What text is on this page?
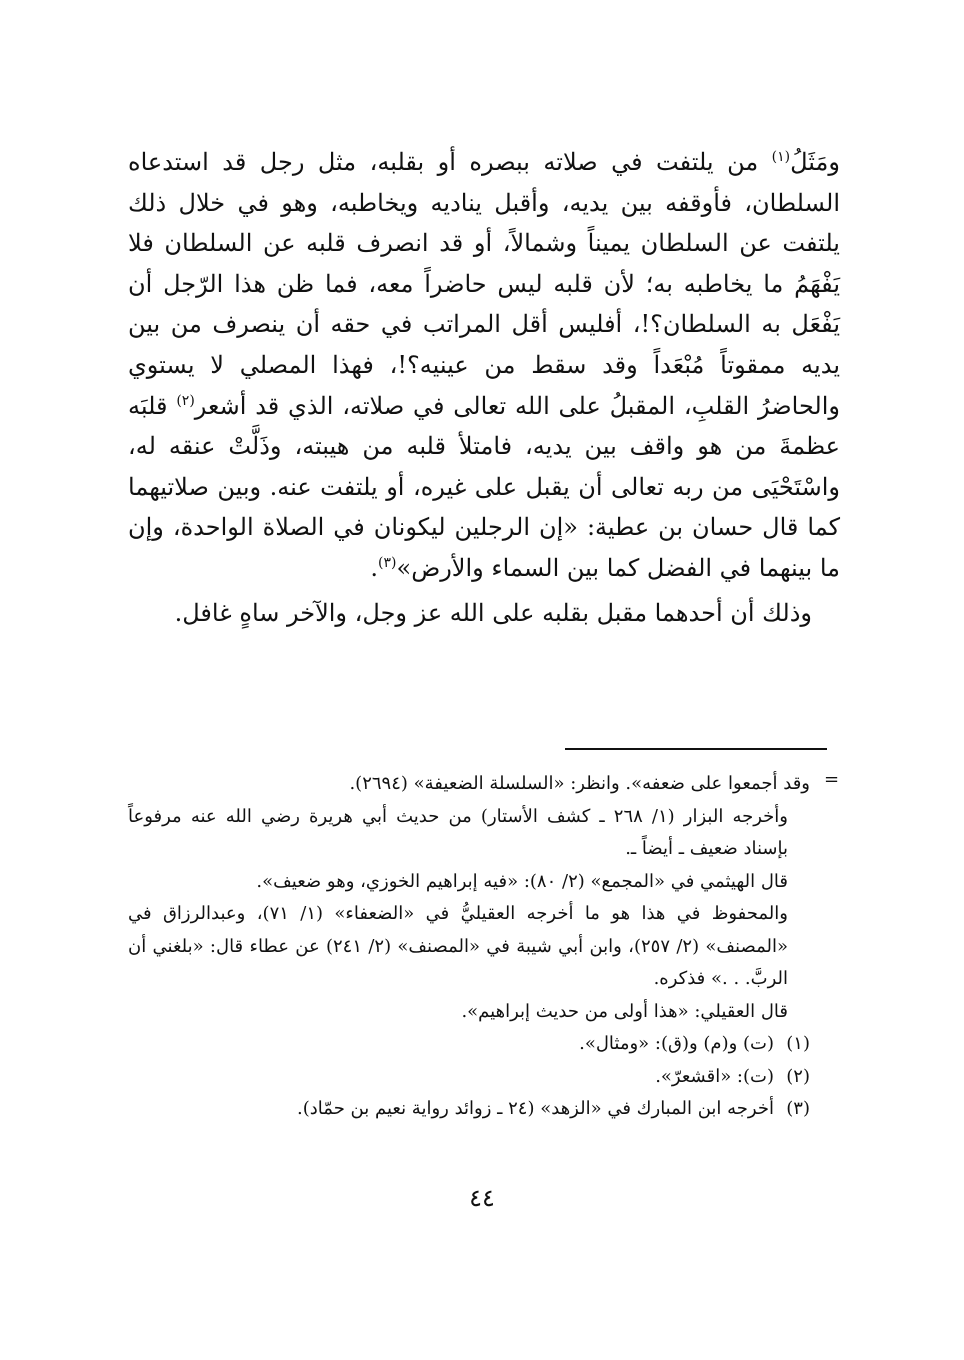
ومَثَلُ$^{(١)}$ من يلتفت في صلاته ببصره أو بقلبه، مثل رجل قد استدعاه السلطان، فأوقفه بين يديه، وأقبل يناديه ويخاطبه، وهو في خلال ذلك يلتفت عن السلطان يميناً وشمالاً، أو قد انصرف قلبه عن السلطان فلا يَفْهَمُ ما يخاطبه به؛ لأن قلبه ليس حاضراً معه، فما ظن هذا الرّجل أن يَفْعَل به السلطان؟!، أفليس أقل المراتب في حقه أن ينصرف من بين يديه ممقوتاً مُبْعَداً وقد سقط من عينيه؟!، فهذا المصلي لا يستوي والحاضرُ القلبِ، المقبلُ على الله تعالى في صلاته، الذي قد أشعر$^{(٢)}$ قلبَه عظمةَ من هو واقف بين يديه، فامتلأ قلبه من هيبته، وذَلَّتْ عنقه له، واسْتَحْيَى من ربه تعالى أن يقبل على غيره، أو يلتفت عنه. وبين صلاتيهما كما قال حسان بن عطية: «إن الرجلين ليكونان في الصلاة الواحدة، وإن ما بينهما في الفضل كما بين السماء والأرض»$^{(٣)}$.

وذلك أن أحدهما مقبل بقلبه على الله عز وجل، والآخر ساهٍ غافل.

=

وقد أجمعوا على ضعفه». وانظر: «السلسلة الضعيفة» (٢٦٩٤).

وأخرجه البزار (١/ ٢٦٨ ـ كشف الأستار) من حديث أبي هريرة رضي الله عنه مرفوعاً بإسناد ضعيف ـ أيضاً ـ.

قال الهيثمي في «المجمع» (٢/ ٨٠): «فيه إبراهيم الخوزي، وهو ضعيف».

والمحفوظ في هذا هو ما أخرجه العقيليُّ في «الضعفاء» (١/ ٧١)، وعبدالرزاق في «المصنف» (٢/ ٢٥٧)، وابن أبي شيبة في «المصنف» (٢/ ٢٤١) عن عطاء قال: «بلغني أن الربَّ. . .» فذكره.

قال العقيلي: «هذا أولى من حديث إبراهيم».

(١)
(ت) و(م) و(ق): «ومثال».
(٢)
(ت): «اقشعرّ».
(٣)
أخرجه ابن المبارك في «الزهد» (٢٤ ـ زوائد رواية نعيم بن حمّاد).
٤٤
